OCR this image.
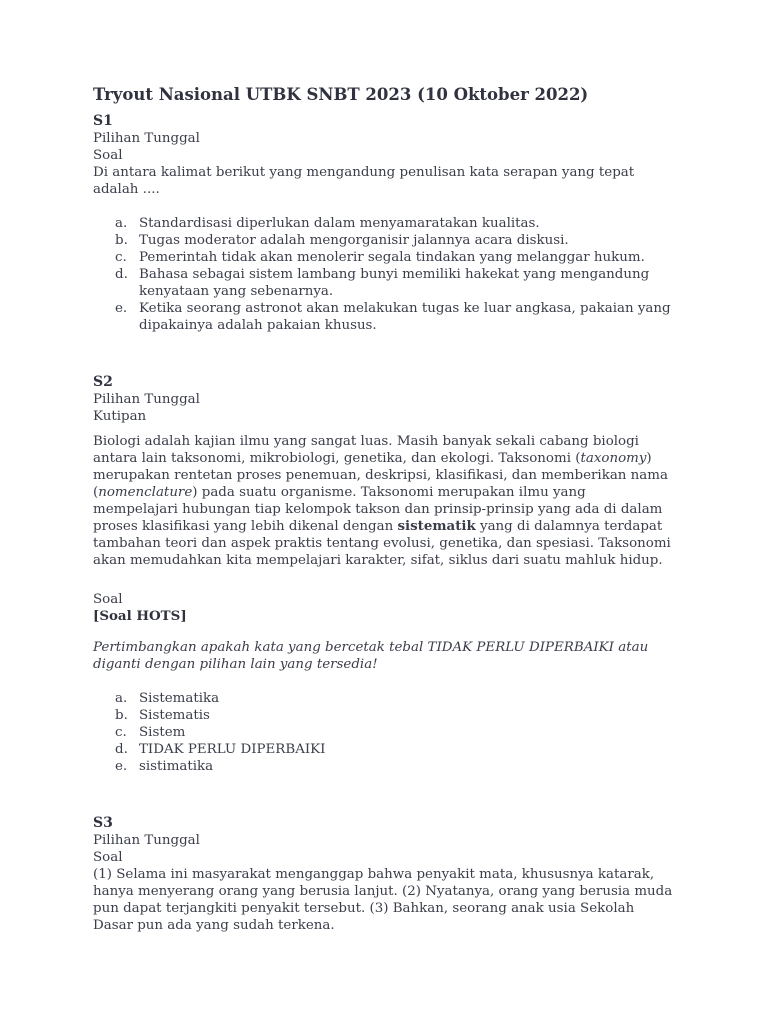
Tryout Nasional UTBK SNBT 2023 (10 Oktober 2022)
S1
Pilihan Tunggal
Soal
Di antara kalimat berikut yang mengandung penulisan kata serapan yang tepat adalah ....
a. Standardisasi diperlukan dalam menyamaratakan kualitas.
b. Tugas moderator adalah mengorganisir jalannya acara diskusi.
c. Pemerintah tidak akan menolerir segala tindakan yang melanggar hukum.
d. Bahasa sebagai sistem lambang bunyi memiliki hakekat yang mengandung kenyataan yang sebenarnya.
e. Ketika seorang astronot akan melakukan tugas ke luar angkasa, pakaian yang dipakainya adalah pakaian khusus.
S2
Pilihan Tunggal
Kutipan
Biologi adalah kajian ilmu yang sangat luas. Masih banyak sekali cabang biologi antara lain taksonomi, mikrobiologi, genetika, dan ekologi. Taksonomi (taxonomy) merupakan rentetan proses penemuan, deskripsi, klasifikasi, dan memberikan nama (nomenclature) pada suatu organisme. Taksonomi merupakan ilmu yang mempelajari hubungan tiap kelompok takson dan prinsip-prinsip yang ada di dalam proses klasifikasi yang lebih dikenal dengan sistematik yang di dalamnya terdapat tambahan teori dan aspek praktis tentang evolusi, genetika, dan spesiasi. Taksonomi akan memudahkan kita mempelajari karakter, sifat, siklus dari suatu mahluk hidup.
Soal
[Soal HOTS]
Pertimbangkan apakah kata yang bercetak tebal TIDAK PERLU DIPERBAIKI atau diganti dengan pilihan lain yang tersedia!
a. Sistematika
b. Sistematis
c. Sistem
d. TIDAK PERLU DIPERBAIKI
e. sistimatika
S3
Pilihan Tunggal
Soal
(1) Selama ini masyarakat menganggap bahwa penyakit mata, khususnya katarak, hanya menyerang orang yang berusia lanjut. (2) Nyatanya, orang yang berusia muda pun dapat terjangkiti penyakit tersebut. (3) Bahkan, seorang anak usia Sekolah Dasar pun ada yang sudah terkena.
